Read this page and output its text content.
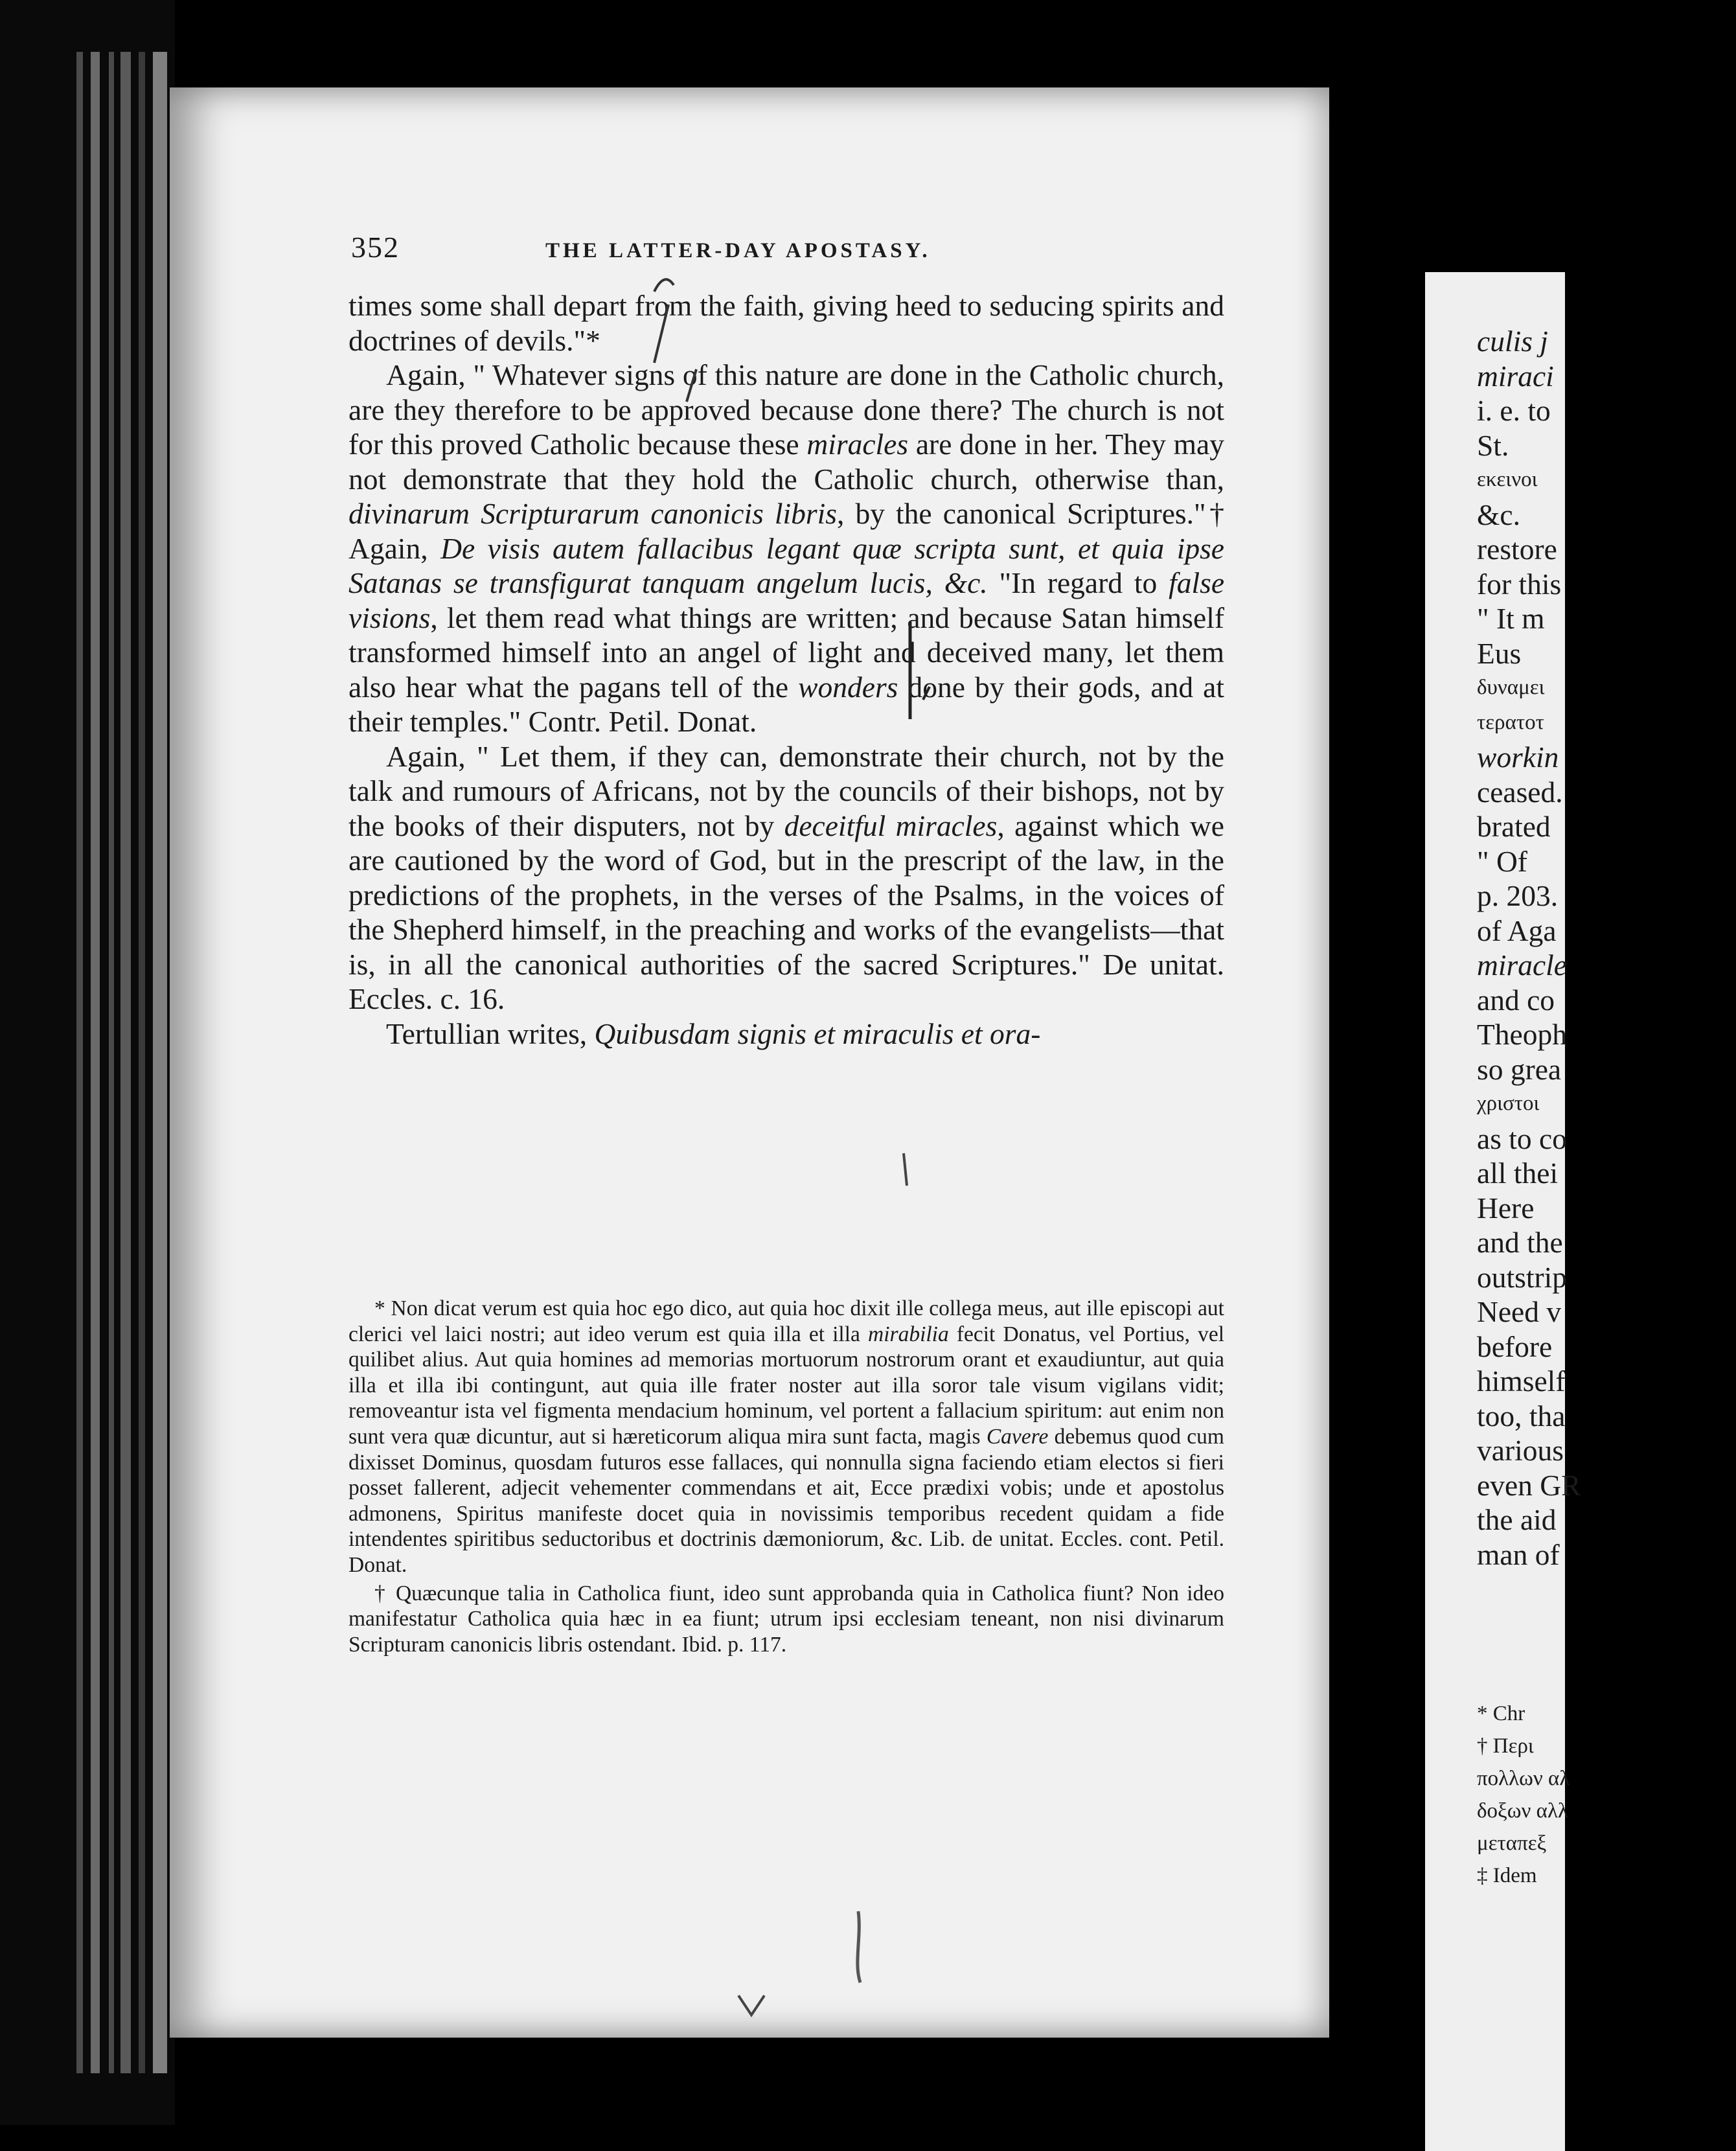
352	THE LATTER-DAY APOSTASY.

times some shall depart from the faith, giving heed to seducing spirits and doctrines of devils."*

Again, " Whatever signs of this nature are done in the Catholic church, are they therefore to be approved because done there? The church is not for this proved Catholic because these miracles are done in her. They may not demonstrate that they hold the Catholic church, otherwise than, divinarum Scripturarum canonicis libris, by the canonical Scriptures."† Again, De visis autem fallacibus legant quæ scripta sunt, et quia ipse Satanas se transfigurat tanquam angelum lucis, &c. "In regard to false visions, let them read what things are written; and because Satan himself transformed himself into an angel of light and deceived many, let them also hear what the pagans tell of the wonders done by their gods, and at their temples." Contr. Petil. Donat.

Again, " Let them, if they can, demonstrate their church, not by the talk and rumours of Africans, not by the councils of their bishops, not by the books of their disputers, not by deceitful miracles, against which we are cautioned by the word of God, but in the prescript of the law, in the predictions of the prophets, in the verses of the Psalms, in the voices of the Shepherd himself, in the preaching and works of the evangelists—that is, in all the canonical authorities of the sacred Scriptures." De unitat. Eccles. c. 16.

Tertullian writes, Quibusdam signis et miraculis et ora-

* Non dicat verum est quia hoc ego dico, aut quia hoc dixit ille collega meus, aut ille episcopi aut clerici vel laici nostri; aut ideo verum est quia illa et illa mirabilia fecit Donatus, vel Portius, vel quilibet alius. Aut quia homines ad memorias mortuorum nostrorum orant et exaudiuntur, aut quia illa et illa ibi contingunt, aut quia ille frater noster aut illa soror tale visum vigilans vidit; removeantur ista vel figmenta mendacium hominum, vel portent a fallacium spiritum: aut enim non sunt vera quæ dicuntur, aut si hæreticorum aliqua mira sunt facta, magis Cavere debemus quod cum dixisset Dominus, quosdam futuros esse fallaces, qui nonnulla signa faciendo etiam electos si fieri posset fallerent, adjecit vehementer commendans et ait, Ecce prædixi vobis; unde et apostolus admonens, Spiritus manifeste docet quia in novissimis temporibus recedent quidam a fide intendentes spiritibus seductoribus et doctrinis dæmoniorum, &c. Lib. de unitat. Eccles. cont. Petil. Donat.

† Quæcunque talia in Catholica fiunt, ideo sunt approbanda quia in Catholica fiunt? Non ideo manifestatur Catholica quia hæc in ea fiunt; utrum ipsi ecclesiam teneant, non nisi divinarum Scripturam canonicis libris ostendant. Ibid. p. 117.

culis j
miraci
i. e. to
St.
εκεινοι
&c.
restore
for this
" It m
Eus
δυναμει
τερατοτ
workin
ceased.
brated
" Of
p. 203.
of Aga
miracle
and co
Theoph
so grea
χριστοι
as to co
all thei
Here
and the
outstrip
Need v
before
himself
too, tha
various
even GR
the aid
man of
* Chr
† Περι
πολλων αλ
δοξων αλλ
μεταπεξ
‡ Idem
